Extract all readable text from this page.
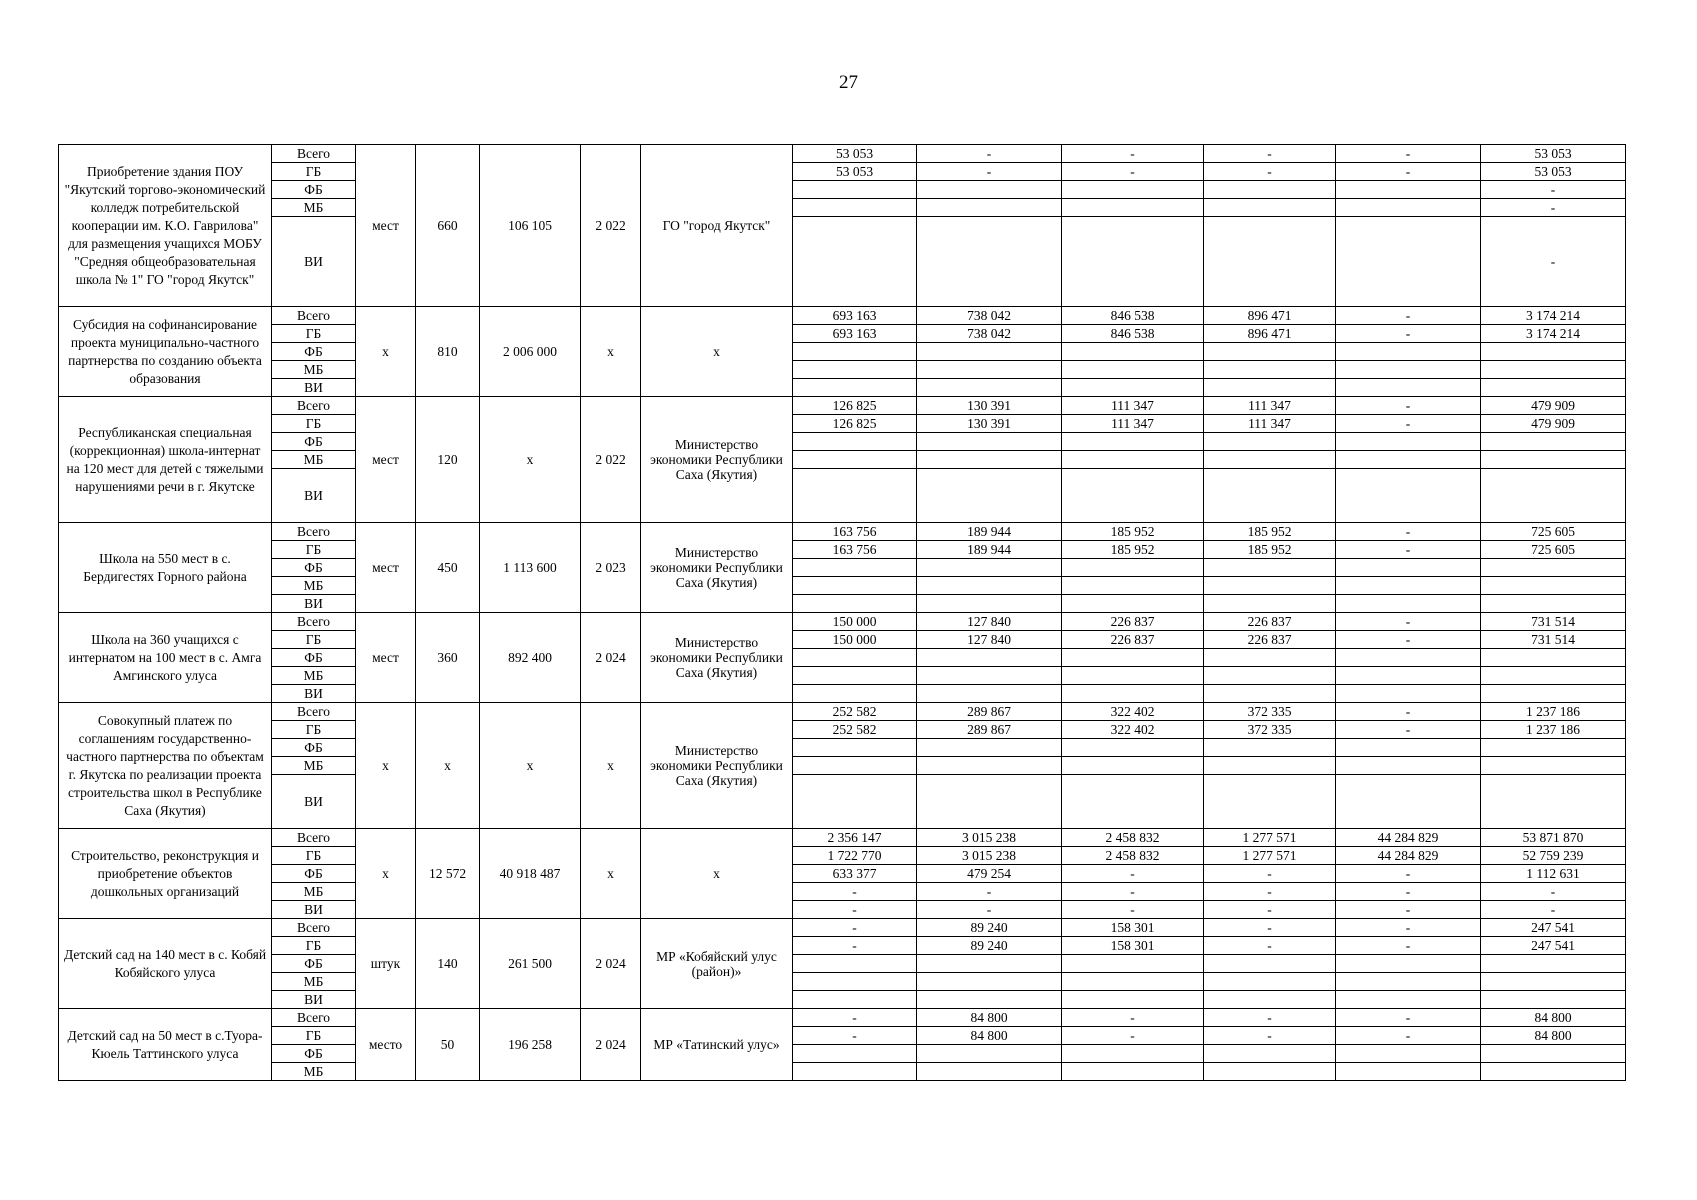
27
Приобретение здания ПОУ "Якутский торгово-экономический колледж потребительской кооперации им. К.О. Гаврилова" для размещения учащихся МОБУ "Средняя общеобразовательная школа № 1" ГО "город Якутск"	Всего	мест	660	106 105	2 022	ГО "город Якутск"	53 053	-	-	-	-	53 053
	ГБ						53 053	-	-	-	-	53 053
	ФБ											-
	МБ											-
	ВИ											-
Субсидия на софинансирование проекта муниципально-частного партнерства по созданию объекта образования	Всего	х	810	2 006 000	х	х	693 163	738 042	846 538	896 471	-	3 174 214
	ГБ						693 163	738 042	846 538	896 471	-	3 174 214
	ФБ											
	МБ											
	ВИ											
Республиканская специальная (коррекционная) школа-интернат на 120 мест для детей с тяжелыми нарушениями речи в г. Якутске	Всего	мест	120	х	2 022	Министерство экономики Республики Саха (Якутия)	126 825	130 391	111 347	111 347	-	479 909
	ГБ						126 825	130 391	111 347	111 347	-	479 909
	ФБ											
	МБ											
	ВИ											
Школа на 550 мест в с. Бердигестях Горного района	Всего	мест	450	1 113 600	2 023	Министерство экономики Республики Саха (Якутия)	163 756	189 944	185 952	185 952	-	725 605
	ГБ						163 756	189 944	185 952	185 952	-	725 605
	ФБ											
	МБ											
	ВИ											
Школа на 360 учащихся с интернатом на 100 мест в с. Амга Амгинского улуса	Всего	мест	360	892 400	2 024	Министерство экономики Республики Саха (Якутия)	150 000	127 840	226 837	226 837	-	731 514
	ГБ						150 000	127 840	226 837	226 837	-	731 514
	ФБ											
	МБ											
	ВИ											
Совокупный платеж по соглашениям государственно-частного партнерства по объектам г. Якутска по реализации проекта строительства школ в Республике Саха (Якутия)	Всего	х	х	х	х	Министерство экономики Республики Саха (Якутия)	252 582	289 867	322 402	372 335	-	1 237 186
	ГБ						252 582	289 867	322 402	372 335	-	1 237 186
	ФБ											
	МБ											
	ВИ											
Строительство, реконструкция и приобретение объектов дошкольных организаций	Всего	х	12 572	40 918 487	х	х	2 356 147	3 015 238	2 458 832	1 277 571	44 284 829	53 871 870
	ГБ						1 722 770	3 015 238	2 458 832	1 277 571	44 284 829	52 759 239
	ФБ						633 377	479 254	-	-	-	1 112 631
	МБ						-	-	-	-	-	-
	ВИ						-	-	-	-	-	-
Детский сад на 140 мест в с. Кобяй Кобяйского улуса	Всего	штук	140	261 500	2 024	МР «Кобяйский улус (район)»	-	89 240	158 301	-	-	247 541
	ГБ						-	89 240	158 301	-	-	247 541
	ФБ											
	МБ											
	ВИ											
Детский сад на 50 мест в с.Туора-Кюель Таттинского улуса	Всего	место	50	196 258	2 024	МР «Татинский улус»	-	84 800	-	-	-	84 800
	ГБ						-	84 800	-	-	-	84 800
	ФБ											
	МБ											
